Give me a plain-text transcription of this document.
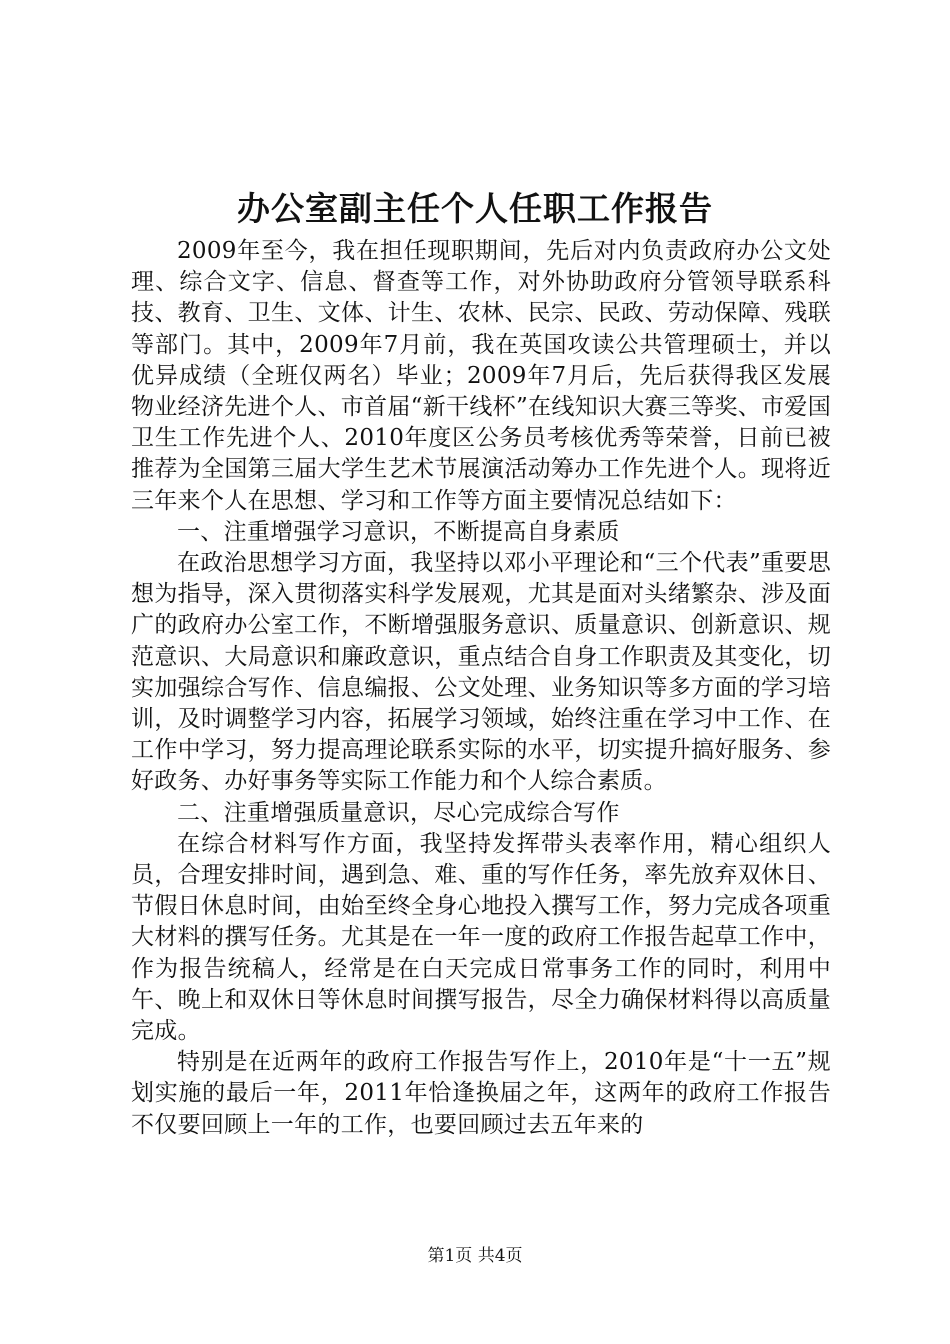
办公室副主任个人任职工作报告

2009年至今，我在担任现职期间，先后对内负责政府办公文处理、综合文字、信息、督查等工作，对外协助政府分管领导联系科技、教育、卫生、文体、计生、农林、民宗、民政、劳动保障、残联等部门。其中，2009年7月前，我在英国攻读公共管理硕士，并以优异成绩（全班仅两名）毕业；2009年7月后，先后获得我区发展物业经济先进个人、市首届“新干线杯”在线知识大赛三等奖、市爱国卫生工作先进个人、2010年度区公务员考核优秀等荣誉，日前已被推荐为全国第三届大学生艺术节展演活动筹办工作先进个人。现将近三年来个人在思想、学习和工作等方面主要情况总结如下：

一、注重增强学习意识，不断提高自身素质

在政治思想学习方面，我坚持以邓小平理论和“三个代表”重要思想为指导，深入贯彻落实科学发展观，尤其是面对头绪繁杂、涉及面广的政府办公室工作，不断增强服务意识、质量意识、创新意识、规范意识、大局意识和廉政意识，重点结合自身工作职责及其变化，切实加强综合写作、信息编报、公文处理、业务知识等多方面的学习培训，及时调整学习内容，拓展学习领域，始终注重在学习中工作、在工作中学习，努力提高理论联系实际的水平，切实提升搞好服务、参好政务、办好事务等实际工作能力和个人综合素质。

二、注重增强质量意识，尽心完成综合写作

在综合材料写作方面，我坚持发挥带头表率作用，精心组织人员，合理安排时间，遇到急、难、重的写作任务，率先放弃双休日、节假日休息时间，由始至终全身心地投入撰写工作，努力完成各项重大材料的撰写任务。尤其是在一年一度的政府工作报告起草工作中，作为报告统稿人，经常是在白天完成日常事务工作的同时，利用中午、晚上和双休日等休息时间撰写报告，尽全力确保材料得以高质量完成。

特别是在近两年的政府工作报告写作上，2010年是“十一五”规划实施的最后一年，2011年恰逢换届之年，这两年的政府工作报告不仅要回顾上一年的工作，也要回顾过去五年来的

第1页 共4页
